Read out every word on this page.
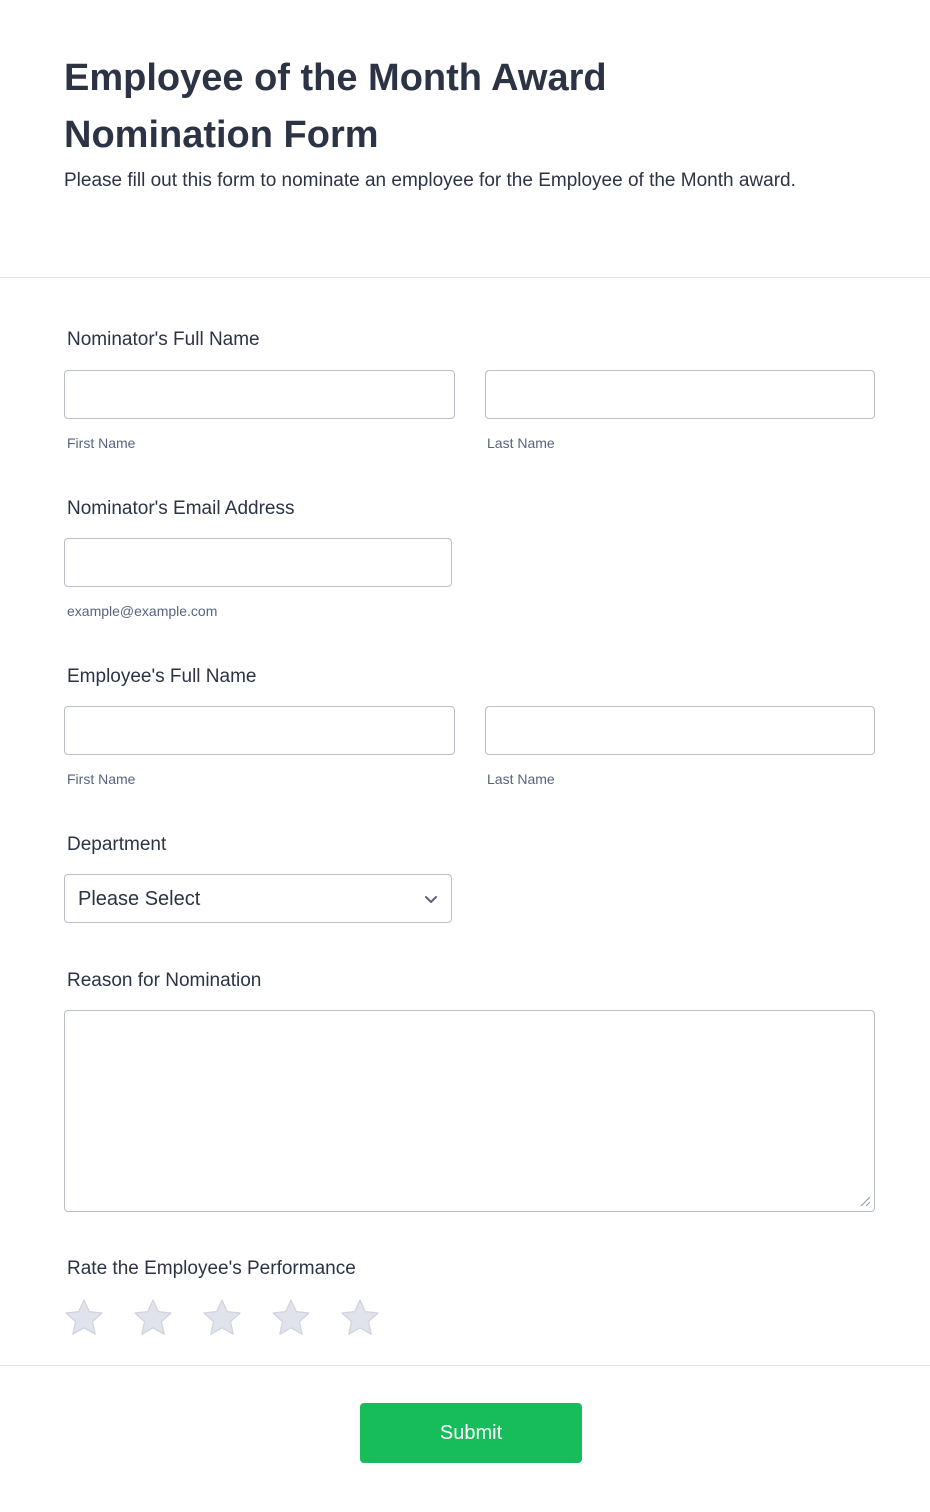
Employee of the Month Award Nomination Form

Please fill out this form to nominate an employee for the Employee of the Month award.

Nominator's Full Name
First Name	Last Name
Nominator's Email Address
example@example.com
Employee's Full Name
First Name	Last Name
Department
Please Select
Reason for Nomination
Rate the Employee's Performance
Submit
